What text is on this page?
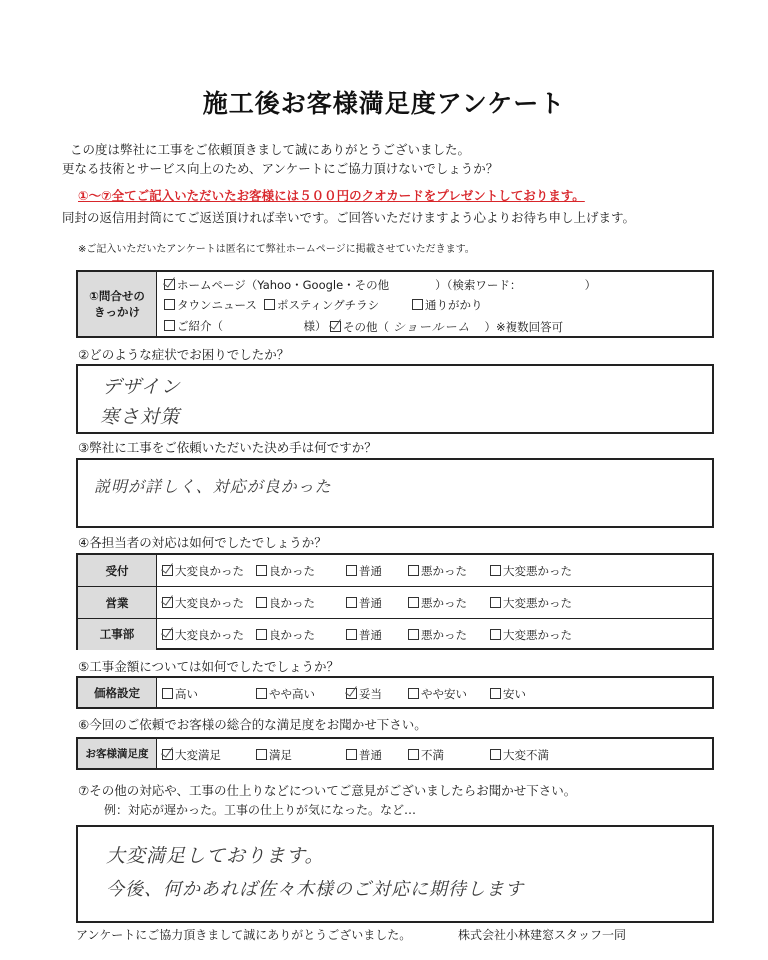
施工後お客様満足度アンケート
この度は弊社に工事をご依頼頂きまして誠にありがとうございました。
更なる技術とサービス向上のため、アンケートにご協力頂けないでしょうか？
①～⑦全てご記入いただいたお客様には５００円のクオカードをプレゼントしております。
同封の返信用封筒にてご返送頂ければ幸いです。ご回答いただけますよう心よりお待ち申し上げます。
※ご記入いただいたアンケートは匿名にて弊社ホームページに掲載させていただきます。
①問合せの きっかけ
ホームページ（Yahoo・Google・その他　　　　）（検索ワード：　　　　　　）
タウンニュース	ポスティングチラシ	通りがかり
ご紹介（　　　　　　　様）	その他（ ショールーム ）※複数回答可
②どのような症状でお困りでしたか？
デザイン
寒さ対策
③弊社に工事をご依頼いただいた決め手は何ですか？
説明が詳しく、対応が良かった
④各担当者の対応は如何でしたでしょうか？
受付	大変良かった	良かった	普通	悪かった	大変悪かった
営業	大変良かった	良かった	普通	悪かった	大変悪かった
工事部	大変良かった	良かった	普通	悪かった	大変悪かった
⑤工事金額については如何でしたでしょうか？
価格設定	高い	やや高い	妥当	やや安い	安い
⑥今回のご依頼でお客様の総合的な満足度をお聞かせ下さい。
お客様満足度	大変満足	満足	普通	不満	大変不満
⑦その他の対応や、工事の仕上りなどについてご意見がございましたらお聞かせ下さい。
例：対応が遅かった。工事の仕上りが気になった。など…
大変満足しております。
今後、何かあれば佐々木様のご対応に期待します
アンケートにご協力頂きまして誠にありがとうございました。	株式会社小林建窓スタッフ一同
